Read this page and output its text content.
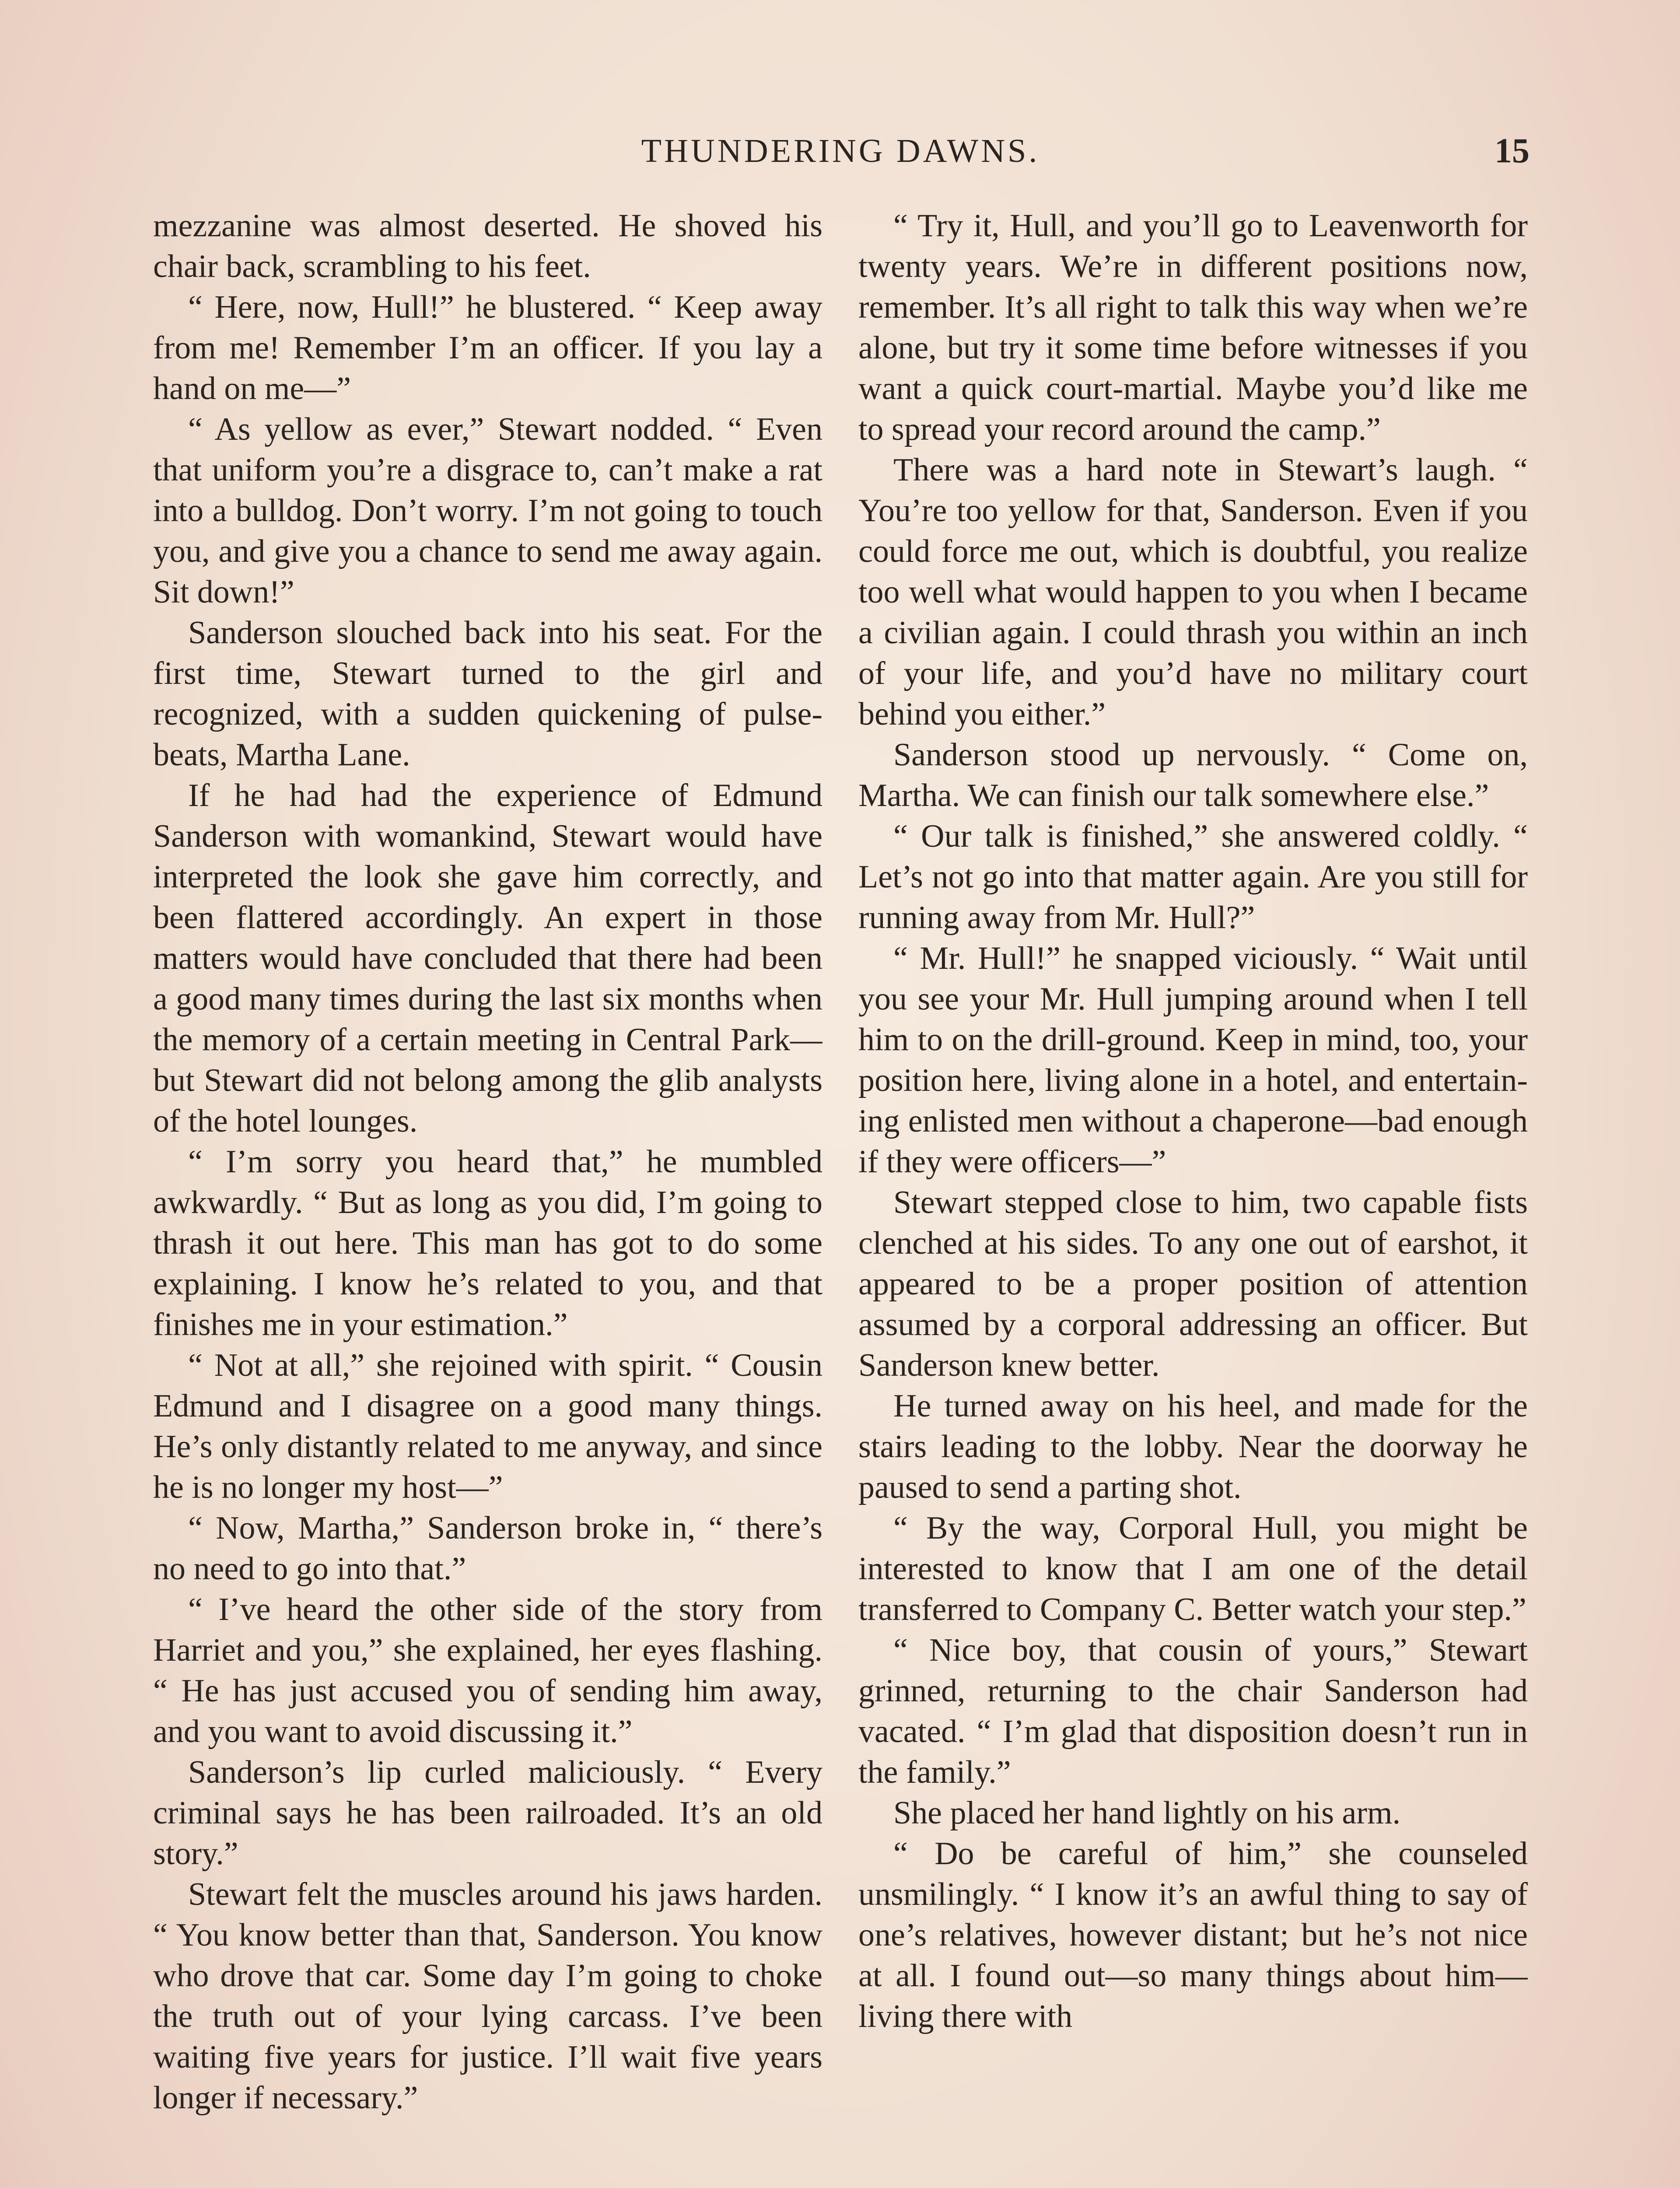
THUNDERING DAWNS.	15

mezzanine was almost deserted. He shoved his chair back, scrambling to his feet.

“ Here, now, Hull!” he blustered. “ Keep away from me! Remember I’m an officer. If you lay a hand on me—”

“ As yellow as ever,” Stewart nodded. “ Even that uniform you’re a disgrace to, can’t make a rat into a bulldog. Don’t worry. I’m not going to touch you, and give you a chance to send me away again. Sit down!”

Sanderson slouched back into his seat. For the first time, Stewart turned to the girl and recognized, with a sudden quickening of pulse-beats, Martha Lane.

If he had had the experience of Edmund Sanderson with womankind, Stewart would have interpreted the look she gave him correctly, and been flattered accordingly. An expert in those matters would have concluded that there had been a good many times during the last six months when the memory of a certain meeting in Central Park—but Stewart did not belong among the glib analysts of the hotel lounges.

“ I’m sorry you heard that,” he mumbled awkwardly. “ But as long as you did, I’m going to thrash it out here. This man has got to do some explaining. I know he’s related to you, and that finishes me in your estimation.”

“ Not at all,” she rejoined with spirit. “ Cousin Edmund and I disagree on a good many things. He’s only distantly related to me anyway, and since he is no longer my host—”

“ Now, Martha,” Sanderson broke in, “ there’s no need to go into that.”

“ I’ve heard the other side of the story from Harriet and you,” she explained, her eyes flashing. “ He has just accused you of sending him away, and you want to avoid discussing it.”

Sanderson’s lip curled maliciously. “ Every criminal says he has been railroaded. It’s an old story.”

Stewart felt the muscles around his jaws harden. “ You know better than that, Sanderson. You know who drove that car. Some day I’m going to choke the truth out of your lying carcass. I’ve been waiting five years for justice. I’ll wait five years longer if necessary.”

“ Try it, Hull, and you’ll go to Leavenworth for twenty years. We’re in different positions now, remember. It’s all right to talk this way when we’re alone, but try it some time before witnesses if you want a quick court-martial. Maybe you’d like me to spread your record around the camp.”

There was a hard note in Stewart’s laugh. “ You’re too yellow for that, Sanderson. Even if you could force me out, which is doubtful, you realize too well what would happen to you when I became a civilian again. I could thrash you within an inch of your life, and you’d have no military court behind you either.”

Sanderson stood up nervously. “ Come on, Martha. We can finish our talk somewhere else.”

“ Our talk is finished,” she answered coldly. “ Let’s not go into that matter again. Are you still for running away from Mr. Hull?”

“ Mr. Hull!” he snapped viciously. “ Wait until you see your Mr. Hull jumping around when I tell him to on the drill-ground. Keep in mind, too, your position here, living alone in a hotel, and entertaining enlisted men without a chaperone—bad enough if they were officers—”

Stewart stepped close to him, two capable fists clenched at his sides. To any one out of earshot, it appeared to be a proper position of attention assumed by a corporal addressing an officer. But Sanderson knew better.

He turned away on his heel, and made for the stairs leading to the lobby. Near the doorway he paused to send a parting shot.

“ By the way, Corporal Hull, you might be interested to know that I am one of the detail transferred to Company C. Better watch your step.”

“ Nice boy, that cousin of yours,” Stewart grinned, returning to the chair Sanderson had vacated. “ I’m glad that disposition doesn’t run in the family.”

She placed her hand lightly on his arm.

“ Do be careful of him,” she counseled unsmilingly. “ I know it’s an awful thing to say of one’s relatives, however distant; but he’s not nice at all. I found out—so many things about him—living there with
